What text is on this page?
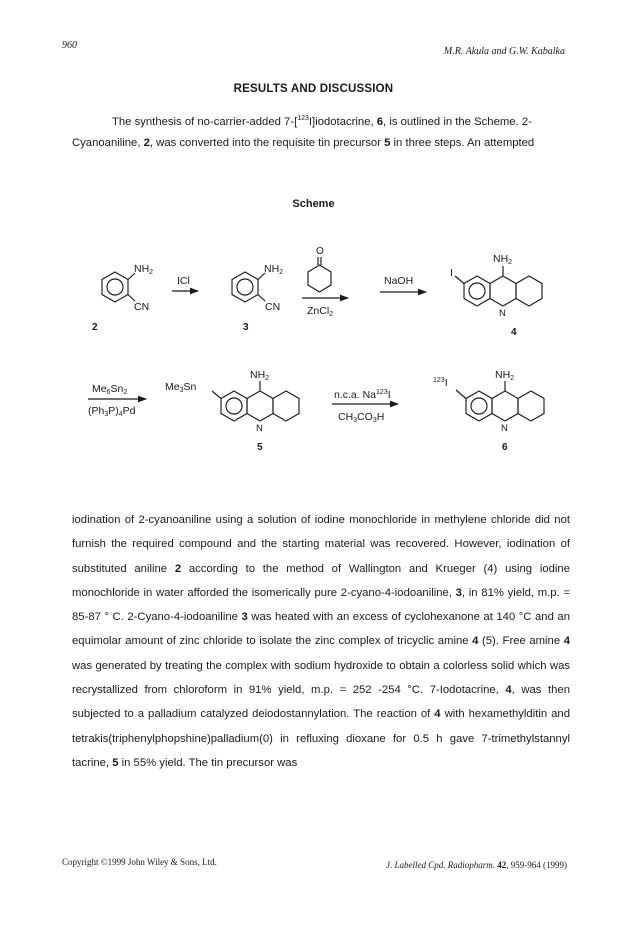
960
M.R. Akula and G.W. Kabalka
RESULTS AND DISCUSSION
The synthesis of no-carrier-added 7-[$^{123}$I]iodotacrine, 6, is outlined in the Scheme. 2-
Cyanoaniline, 2, was converted into the requisite tin precursor 5 in three steps. An attempted
Scheme
NH2
CN
2
ICl
NH2
CN
3
O
ZnCl2
NaOH
NH2
I
N
4
Me6Sn2
(Ph3P)4Pd
NH2
Me3Sn
N
5
n.c.a. Na$^{123}$I
CH3CO3H
NH2
$^{123}$I
N
6

iodination of 2-cyanoaniline using a solution of iodine monochloride in methylene chloride did not furnish the required compound and the starting material was recovered. However, iodination of substituted aniline 2 according to the method of Wallington and Krueger (4) using iodine monochloride in water afforded the isomerically pure 2-cyano-4-iodoaniline, 3, in 81% yield, m.p. = 85-87 ° C. 2-Cyano-4-iodoaniline 3 was heated with an excess of cyclohexanone at 140 °C and an equimolar amount of zinc chloride to isolate the zinc complex of tricyclic amine 4 (5). Free amine 4 was generated by treating the complex with sodium hydroxide to obtain a colorless solid which was recrystallized from chloroform in 91% yield, m.p. = 252 -254 °C. 7-Iodotacrine, 4, was then subjected to a palladium catalyzed deiodostannylation. The reaction of 4 with hexamethylditin and tetrakis(triphenylphopshine)palladium(0) in refluxing dioxane for 0.5 h gave 7-trimethylstannyl tacrine, 5 in 55% yield. The tin precursor was

Copyright ©1999 John Wiley & Sons, Ltd.	J. Labelled Cpd. Radiopharm. 42, 959-964 (1999)
